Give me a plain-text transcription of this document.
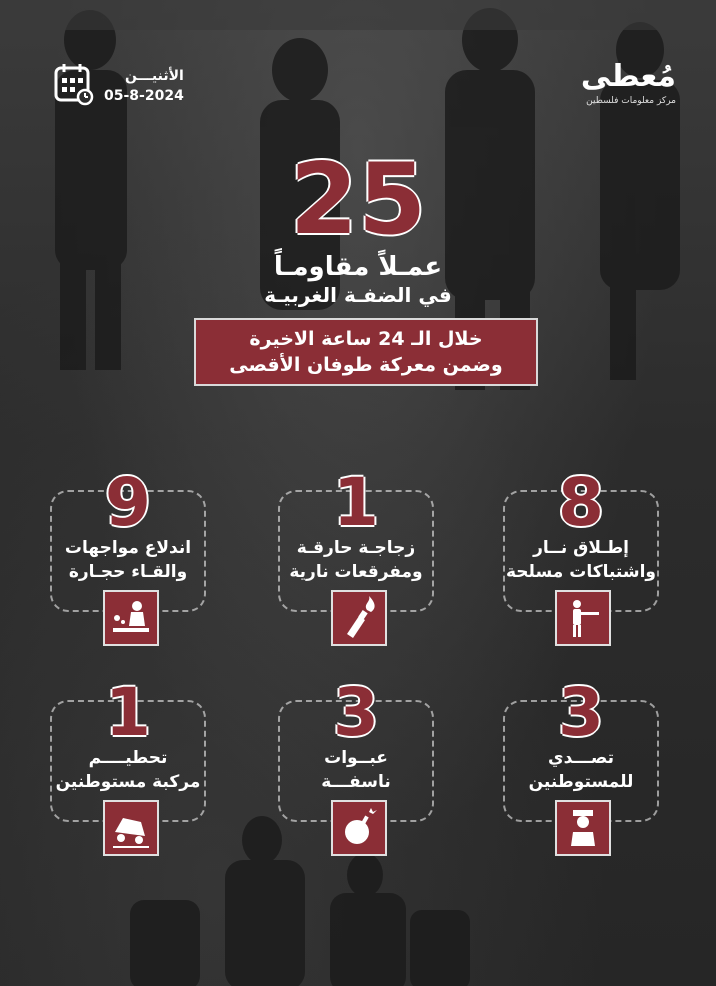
مُعطى
مركز معلومات فلسطين
الأثنيـــن
05-8-2024
25
عمـلاً مقاومـاً
في الضفـة الغربيـة
خلال الـ 24 ساعة الاخيرة
وضمن معركة طوفان الأقصى
8
إطـلاق نــار
واشتباكات مسلحة
1
زجاجـة حارقـة
ومفرقعات نارية
9
اندلاع مواجهات
والقـاء حجـارة
3
تصـــدي
للمستوطنين
3
عبــوات
ناسفـــة
1
تحطيــــم
مركبة مستوطنين
